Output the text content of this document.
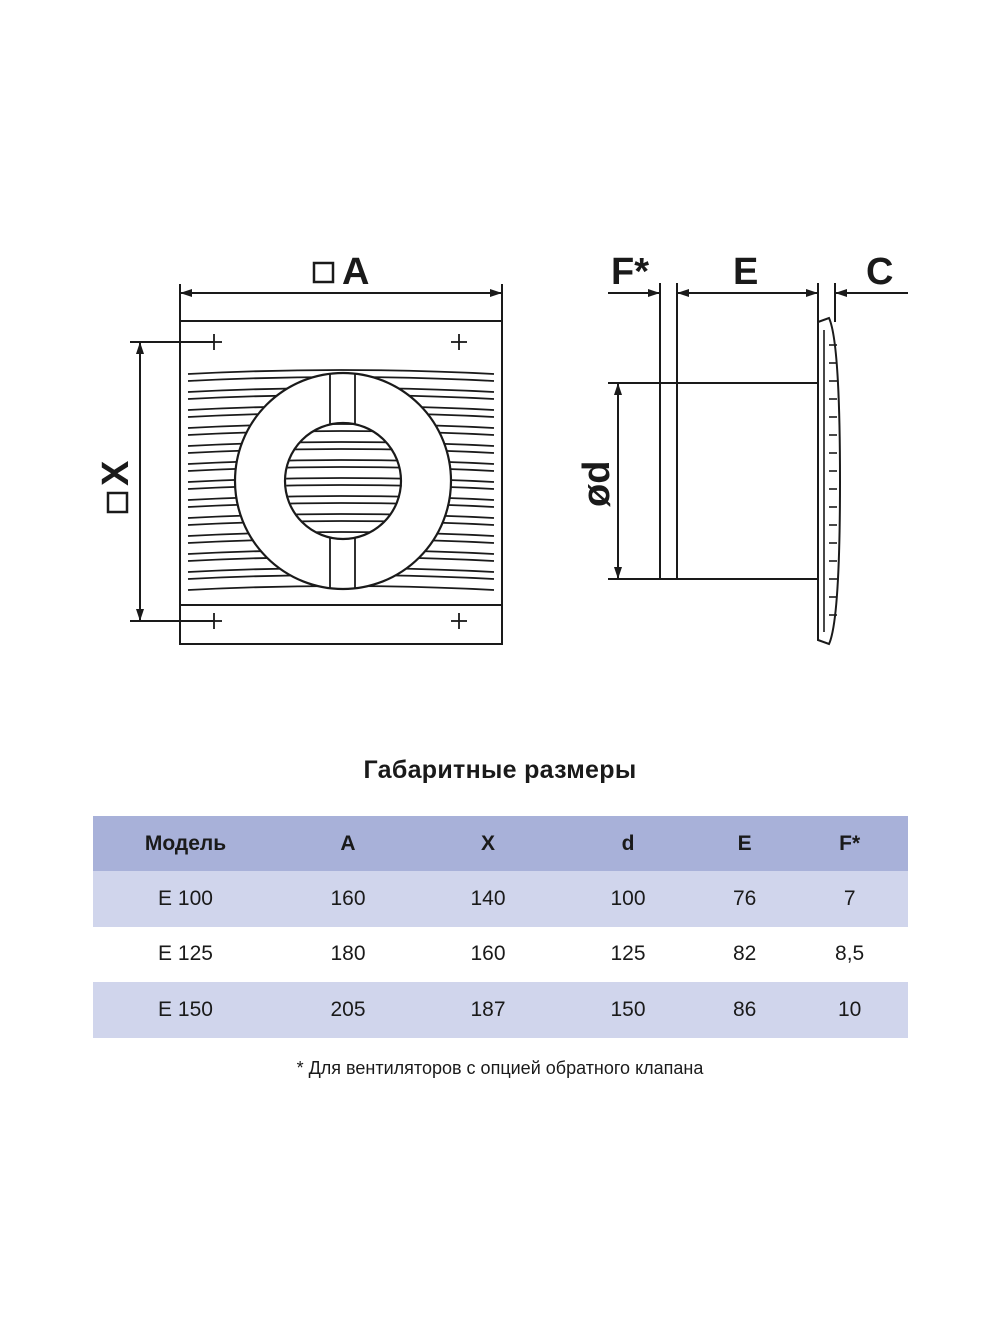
A
X
F* E	C
ød
Габаритные размеры
Модель	A	X	d	E	F*
E 100	160	140	100	76	7
E 125	180	160	125	82	8,5
E 150	205	187	150	86	10
* Для вентиляторов с опцией обратного клапана
